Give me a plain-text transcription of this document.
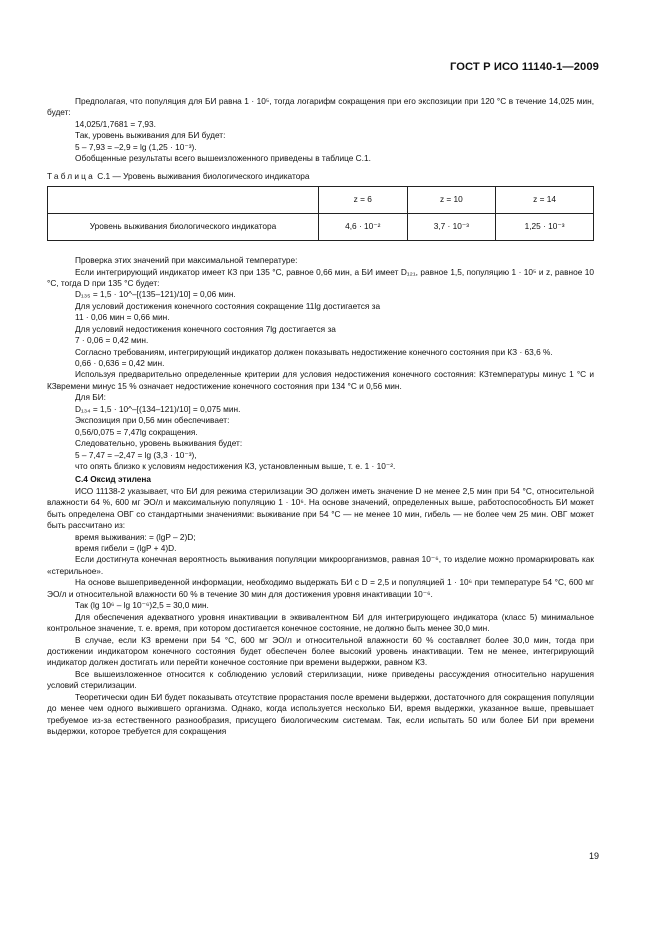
ГОСТ Р ИСО 11140-1—2009

Предполагая, что популяция для БИ равна 1 · 10⁵, тогда логарифм сокращения при его экспозиции при 120 °С в течение 14,025 мин, будет:

14,025/1,7681 = 7,93.

Так, уровень выживания для БИ будет:

5 – 7,93 = –2,9 = lg (1,25 · 10⁻³).

Обобщенные результаты всего вышеизложенного приведены в таблице С.1.

Таблица С.1 — Уровень выживания биологического индикатора

	z = 6	z = 10	z = 14
Уровень выживания биологического индикатора	4,6 · 10⁻²	3,7 · 10⁻³	1,25 · 10⁻³

Проверка этих значений при максимальной температуре:

Если интегрирующий индикатор имеет КЗ при 135 °С, равное 0,66 мин, а БИ имеет D₁₂₁, равное 1,5, популяцию 1 · 10⁵ и z, равное 10 °С, тогда D при 135 °С будет:

D₁₃₅ = 1,5 · 10^–[(135–121)/10] = 0,06 мин.

Для условий достижения конечного состояния сокращение 11lg достигается за

11 · 0,06 мин = 0,66 мин.

Для условий недостижения конечного состояния 7lg достигается за

7 · 0,06 = 0,42 мин.

Согласно требованиям, интегрирующий индикатор должен показывать недостижение конечного состояния при КЗ · 63,6 %.

0,66 · 0,636 = 0,42 мин.

Используя предварительно определенные критерии для условия недостижения конечного состояния: КЗтемпературы минус 1 °С и КЗвремени минус 15 % означает недостижение конечного состояния при 134 °С и 0,56 мин.

Для БИ:

D₁₃₄ = 1,5 · 10^–[(134–121)/10] = 0,075 мин.

Экспозиция при 0,56 мин обеспечивает:

0,56/0,075 = 7,47lg сокращения.

Следовательно, уровень выживания будет:

5 – 7,47 = –2,47 = lg (3,3 · 10⁻³),

что опять близко к условиям недостижения КЗ, установленным выше, т. е. 1 · 10⁻².

С.4 Оксид этилена

ИСО 11138-2 указывает, что БИ для режима стерилизации ЭО должен иметь значение D не менее 2,5 мин при 54 °С, относительной влажности 64 %, 600 мг ЭО/л и максимальную популяцию 1 · 10⁶. На основе значений, определенных выше, работоспособность БИ может быть определена ОВГ со стандартными значениями: выживание при 54 °С — не менее 10 мин, гибель — не более чем 25 мин. ОВГ может быть рассчитано из:

время выживания: = (lgP – 2)D;

время гибели = (lgP + 4)D.

Если достигнута конечная вероятность выживания популяции микроорганизмов, равная 10⁻⁶, то изделие можно промаркировать как «стерильное».

На основе вышеприведенной информации, необходимо выдержать БИ с D = 2,5 и популяцией 1 · 10⁶ при температуре 54 °С, 600 мг ЭО/л и относительной влажности 60 % в течение 30 мин для достижения уровня инактивации 10⁻⁶.

Так (lg 10⁶ – lg 10⁻⁶)2,5 = 30,0 мин.

Для обеспечения адекватного уровня инактивации в эквивалентном БИ для интегрирующего индикатора (класс 5) минимальное контрольное значение, т. е. время, при котором достигается конечное состояние, не должно быть менее 30,0 мин.

В случае, если КЗ времени при 54 °С, 600 мг ЭО/л и относительной влажности 60 % составляет более 30,0 мин, тогда при достижении индикатором конечного состояния будет обеспечен более высокий уровень инактивации. Тем не менее, интегрирующий индикатор должен достигать или перейти конечное состояние при времени выдержки, равном КЗ.

Все вышеизложенное относится к соблюдению условий стерилизации, ниже приведены рассуждения относительно нарушения условий стерилизации.

Теоретически один БИ будет показывать отсутствие прорастания после времени выдержки, достаточного для сокращения популяции до менее чем одного выжившего организма. Однако, когда используется несколько БИ, время выдержки, указанное выше, превышает требуемое из-за естественного разнообразия, присущего биологическим системам. Так, если испытать 50 или более БИ при времени выдержки, которое требуется для сокращения

19
